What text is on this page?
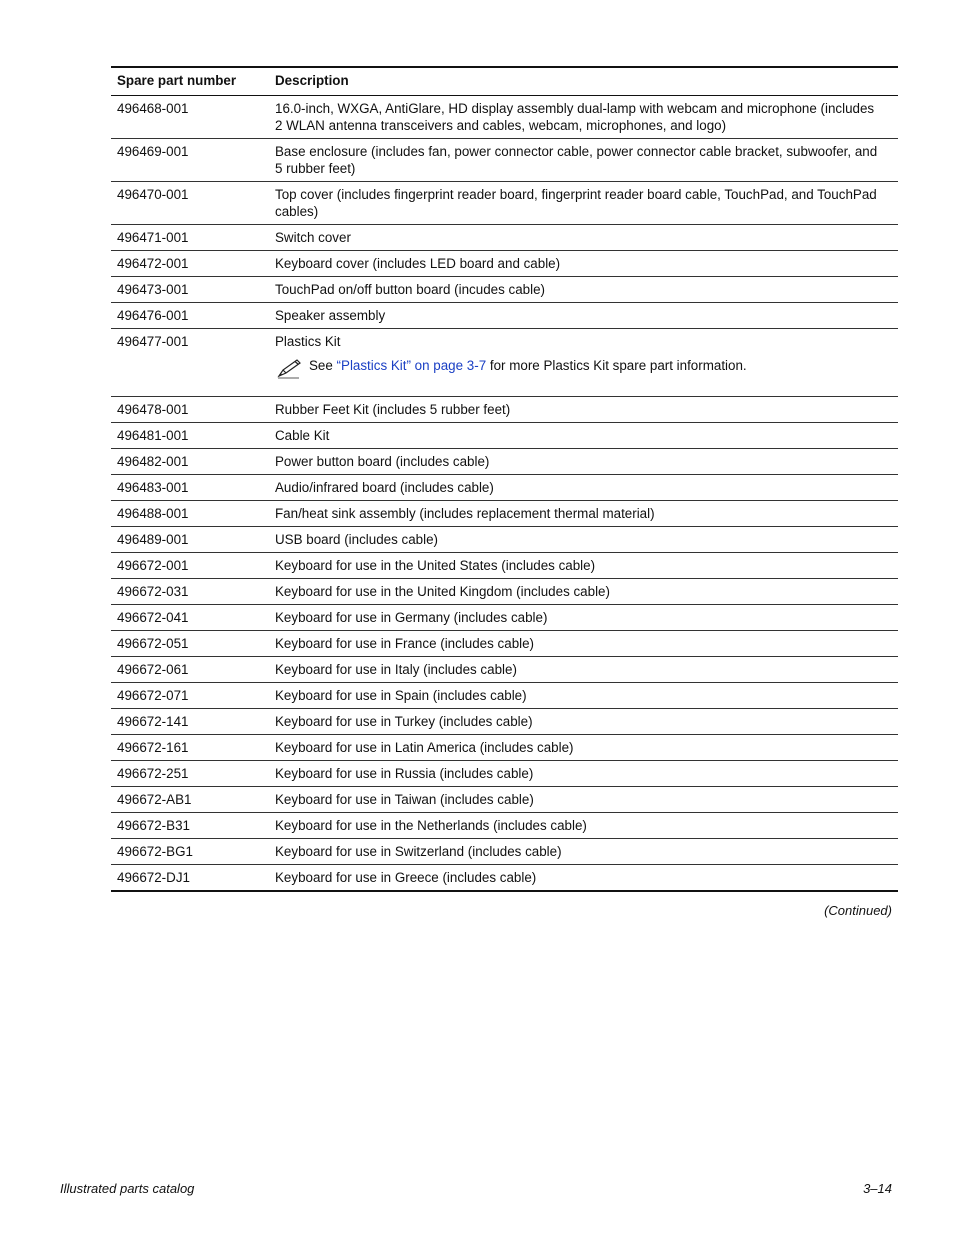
Spare part number	Description
496468-001	16.0-inch, WXGA, AntiGlare, HD display assembly dual-lamp with webcam and microphone (includes 2 WLAN antenna transceivers and cables, webcam, microphones, and logo)

496469-001	Base enclosure (includes fan, power connector cable, power connector cable bracket, subwoofer, and 5 rubber feet)

496470-001	Top cover (includes fingerprint reader board, fingerprint reader board cable, TouchPad, and TouchPad cables)

496471-001	Switch cover

496472-001	Keyboard cover (includes LED board and cable)

496473-001	TouchPad on/off button board (incudes cable)

496476-001	Speaker assembly

496477-001	Plastics Kit
See “Plastics Kit” on page 3-7 for more Plastics Kit spare part information.

496478-001	Rubber Feet Kit (includes 5 rubber feet)

496481-001	Cable Kit

496482-001	Power button board (includes cable)

496483-001	Audio/infrared board (includes cable)

496488-001	Fan/heat sink assembly (includes replacement thermal material)

496489-001	USB board (includes cable)

496672-001	Keyboard for use in the United States (includes cable)

496672-031	Keyboard for use in the United Kingdom (includes cable)

496672-041	Keyboard for use in Germany (includes cable)

496672-051	Keyboard for use in France (includes cable)

496672-061	Keyboard for use in Italy (includes cable)

496672-071	Keyboard for use in Spain (includes cable)

496672-141	Keyboard for use in Turkey (includes cable)

496672-161	Keyboard for use in Latin America (includes cable)

496672-251	Keyboard for use in Russia (includes cable)

496672-AB1	Keyboard for use in Taiwan (includes cable)

496672-B31	Keyboard for use in the Netherlands (includes cable)

496672-BG1	Keyboard for use in Switzerland (includes cable)

496672-DJ1	Keyboard for use in Greece (includes cable)
(Continued)
Illustrated parts catalog	3–14
